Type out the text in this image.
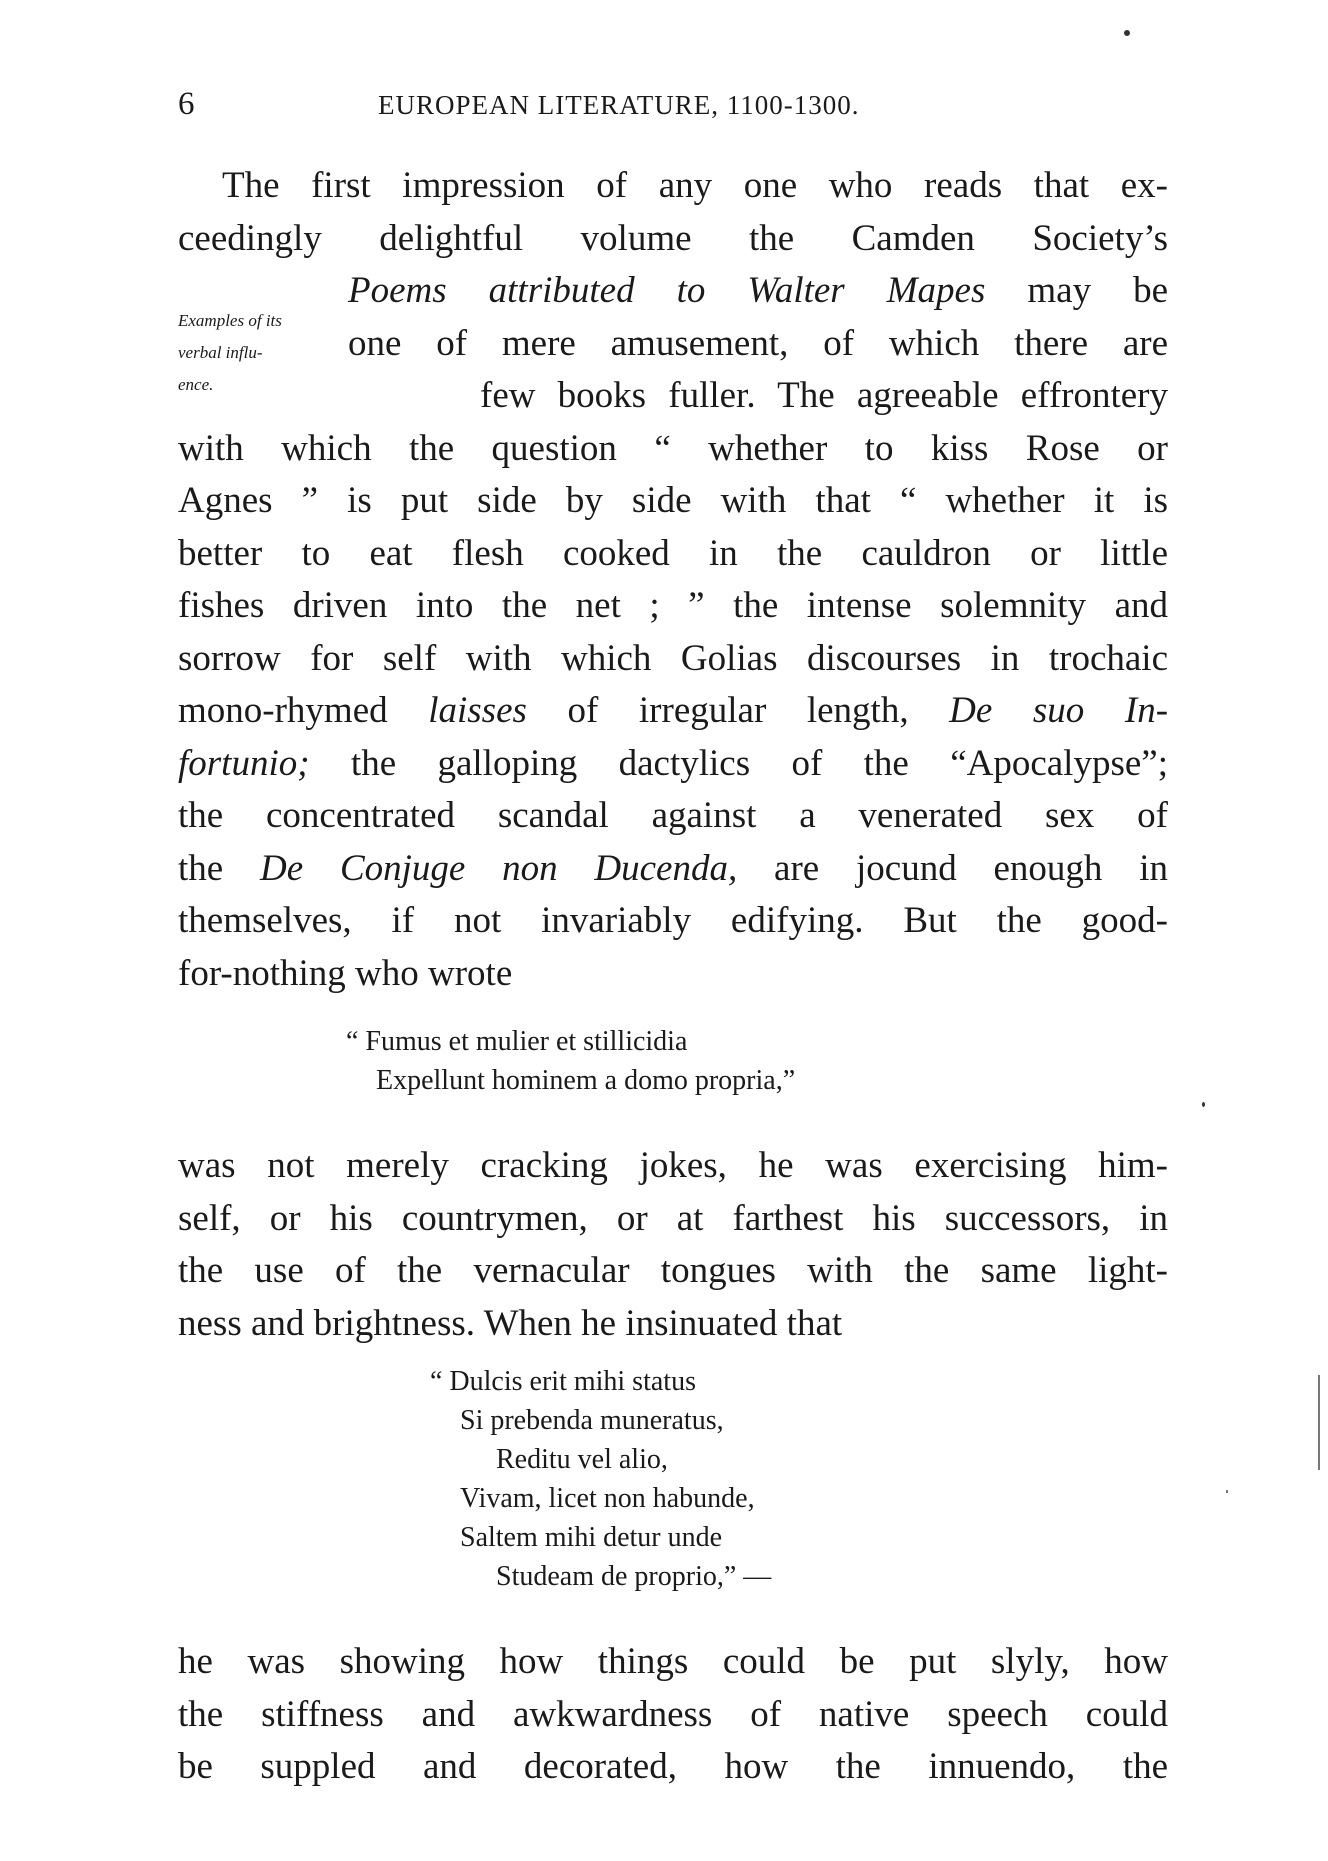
6	EUROPEAN LITERATURE, 1100-1300.
Examples of its
verbal influ-
ence.
The first impression of any one who reads that ex-
ceedingly delightful volume the Camden Society’s
Poems attributed to Walter Mapes may be
one of mere amusement, of which there are
few books fuller. The agreeable effrontery
with which the question “ whether to kiss Rose or
Agnes ” is put side by side with that “ whether it is
better to eat flesh cooked in the cauldron or little
fishes driven into the net ; ” the intense solemnity and
sorrow for self with which Golias discourses in trochaic
mono-rhymed laisses of irregular length, De suo In-
fortunio; the galloping dactylics of the “Apocalypse”;
the concentrated scandal against a venerated sex of
the De Conjuge non Ducenda, are jocund enough in
themselves, if not invariably edifying. But the good-
for-nothing who wrote
“ Fumus et mulier et stillicidia
Expellunt hominem a domo propria,”
was not merely cracking jokes, he was exercising him-
self, or his countrymen, or at farthest his successors, in
the use of the vernacular tongues with the same light-
ness and brightness. When he insinuated that
“ Dulcis erit mihi status
Si prebenda muneratus,
Reditu vel alio,
Vivam, licet non habunde,
Saltem mihi detur unde
Studeam de proprio,” —
he was showing how things could be put slyly, how
the stiffness and awkwardness of native speech could
be suppled and decorated, how the innuendo, the
